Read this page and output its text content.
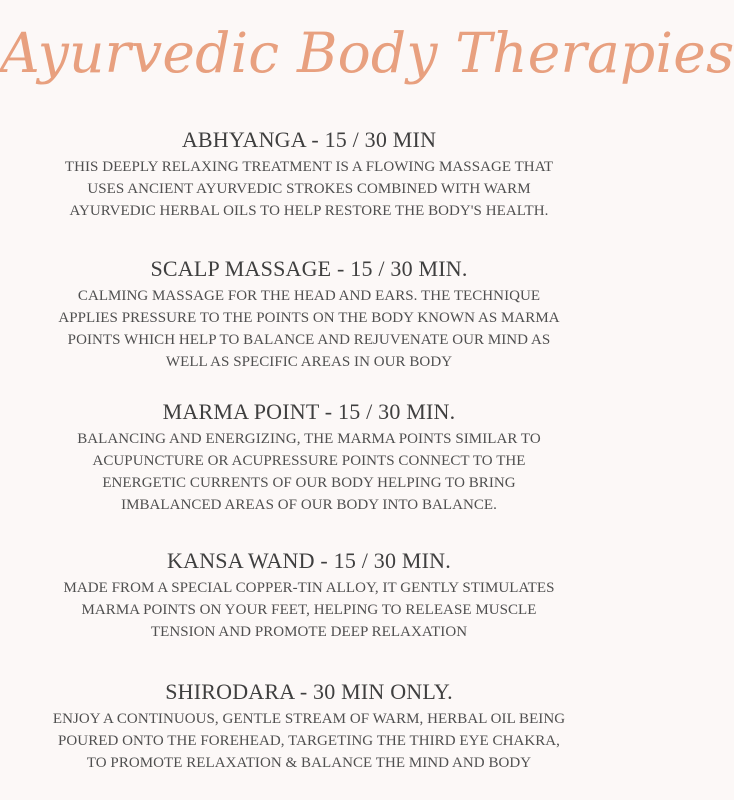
Ayurvedic Body Therapies
ABHYANGA - 15 / 30 MIN
THIS DEEPLY RELAXING TREATMENT IS A FLOWING MASSAGE THAT
USES ANCIENT AYURVEDIC STROKES COMBINED WITH WARM
AYURVEDIC HERBAL OILS TO HELP RESTORE THE BODY'S HEALTH.
SCALP MASSAGE - 15 / 30 MIN.
CALMING MASSAGE FOR THE HEAD AND EARS. THE TECHNIQUE
APPLIES PRESSURE TO THE POINTS ON THE BODY KNOWN AS MARMA
POINTS WHICH HELP TO BALANCE AND REJUVENATE OUR MIND AS
WELL AS SPECIFIC AREAS IN OUR BODY
MARMA POINT - 15 / 30 MIN.
BALANCING AND ENERGIZING, THE MARMA POINTS SIMILAR TO
ACUPUNCTURE OR ACUPRESSURE POINTS CONNECT TO THE
ENERGETIC CURRENTS OF OUR BODY HELPING TO BRING
IMBALANCED AREAS OF OUR BODY INTO BALANCE.
KANSA WAND - 15 / 30 MIN.
MADE FROM A SPECIAL COPPER-TIN ALLOY, IT GENTLY STIMULATES
MARMA POINTS ON YOUR FEET, HELPING TO RELEASE MUSCLE
TENSION AND PROMOTE DEEP RELAXATION
SHIRODARA - 30 MIN ONLY.
ENJOY A CONTINUOUS, GENTLE STREAM OF WARM, HERBAL OIL BEING
POURED ONTO THE FOREHEAD, TARGETING THE THIRD EYE CHAKRA,
TO PROMOTE RELAXATION & BALANCE THE MIND AND BODY
